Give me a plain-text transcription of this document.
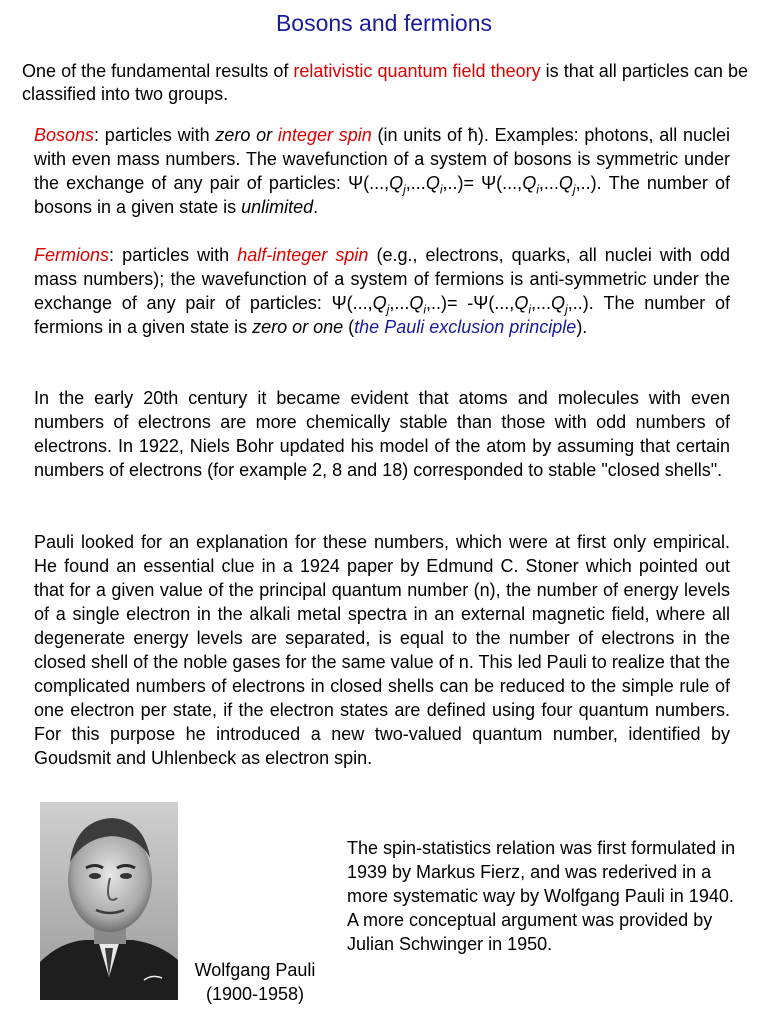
Bosons and fermions
One of the fundamental results of relativistic quantum field theory is that all particles can be classified into two groups.
Bosons: particles with zero or integer spin (in units of ħ). Examples: photons, all nuclei with even mass numbers. The wavefunction of a system of bosons is symmetric under the exchange of any pair of particles: $\Psi(...,Q_j,...Q_i,..)= \Psi(...,Q_i,...Q_j,..)$. The number of bosons in a given state is unlimited.
Fermions: particles with half-integer spin (e.g., electrons, quarks, all nuclei with odd mass numbers); the wavefunction of a system of fermions is anti-symmetric under the exchange of any pair of particles: $\Psi(...,Q_j,...Q_i,..)= -\Psi(...,Q_i,...Q_j,..)$. The number of fermions in a given state is zero or one (the Pauli exclusion principle).
In the early 20th century it became evident that atoms and molecules with even numbers of electrons are more chemically stable than those with odd numbers of electrons. In 1922, Niels Bohr updated his model of the atom by assuming that certain numbers of electrons (for example 2, 8 and 18) corresponded to stable "closed shells".
Pauli looked for an explanation for these numbers, which were at first only empirical. He found an essential clue in a 1924 paper by Edmund C. Stoner which pointed out that for a given value of the principal quantum number (n), the number of energy levels of a single electron in the alkali metal spectra in an external magnetic field, where all degenerate energy levels are separated, is equal to the number of electrons in the closed shell of the noble gases for the same value of n. This led Pauli to realize that the complicated numbers of electrons in closed shells can be reduced to the simple rule of one electron per state, if the electron states are defined using four quantum numbers. For this purpose he introduced a new two-valued quantum number, identified by Goudsmit and Uhlenbeck as electron spin.
Wolfgang Pauli
(1900-1958)
The spin-statistics relation was first formulated in 1939 by Markus Fierz, and was rederived in a more systematic way by Wolfgang Pauli in 1940. A more conceptual argument was provided by Julian Schwinger in 1950.
